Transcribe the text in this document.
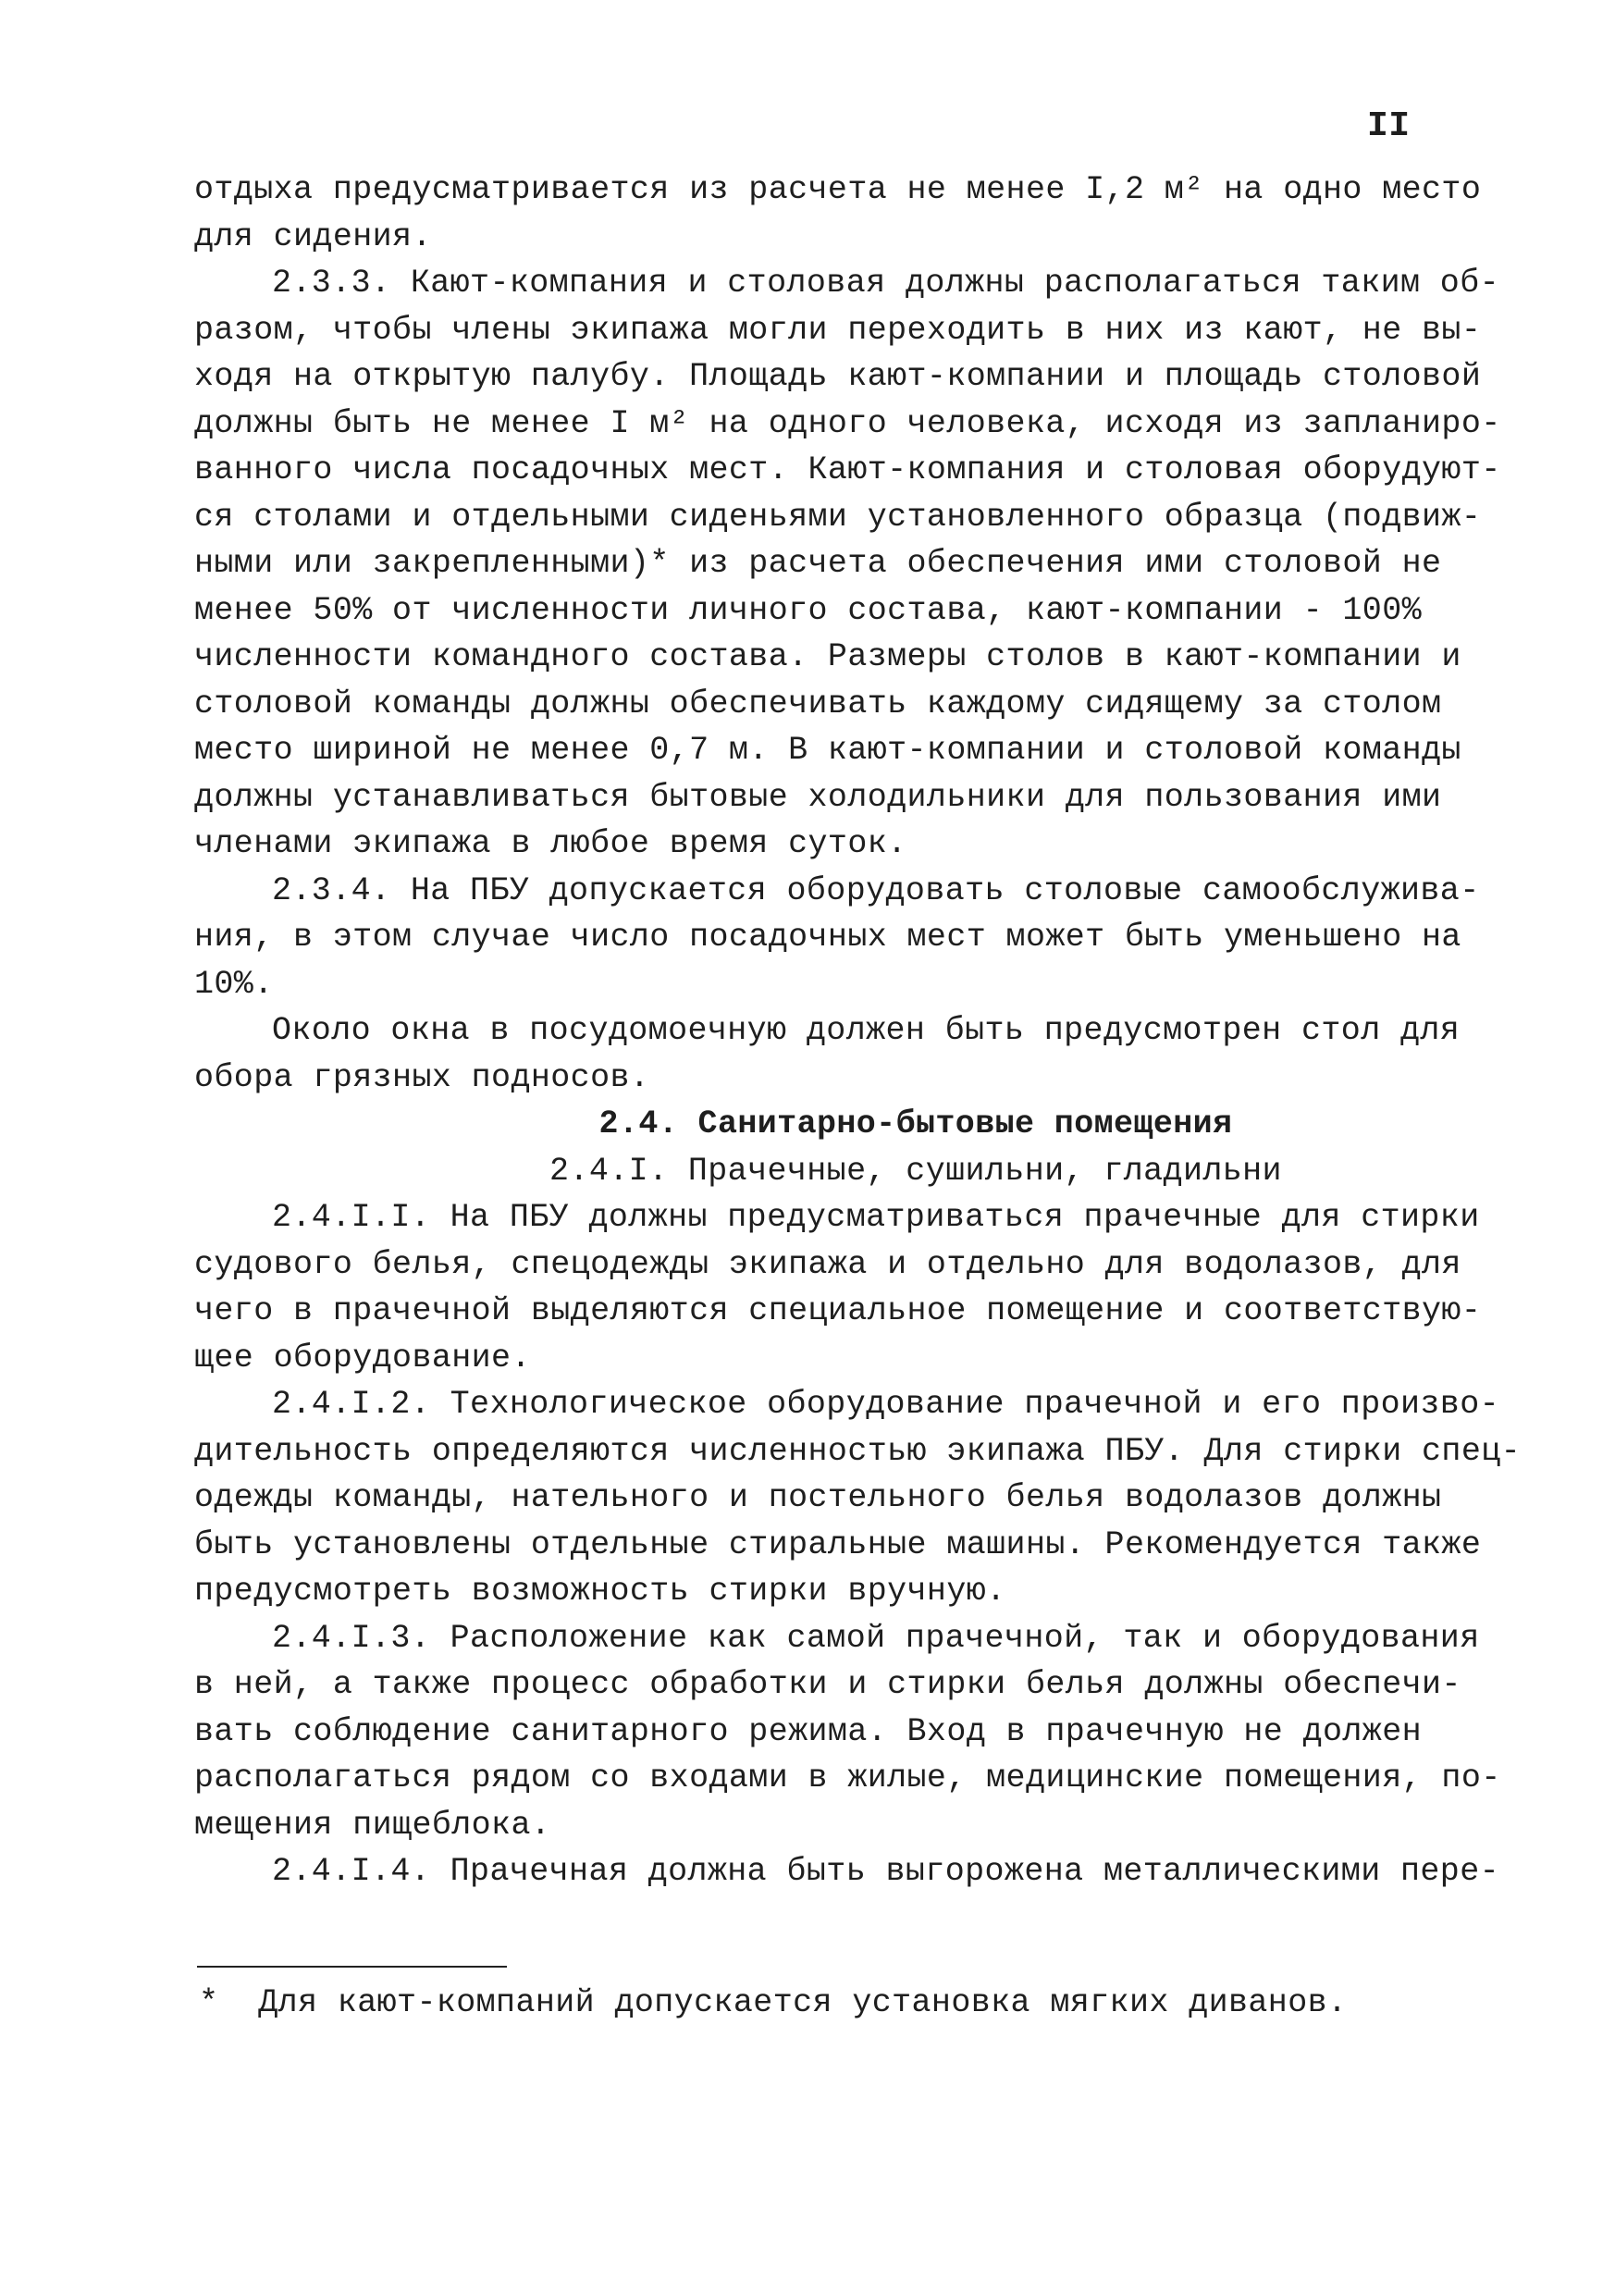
II
отдыха предусматривается из расчета не менее I,2 м² на одно место
для сидения.
2.3.3. Кают-компания и столовая должны располагаться таким об-
разом, чтобы члены экипажа могли переходить в них из кают, не вы-
ходя на открытую палубу. Площадь кают-компании и площадь столовой
должны быть не менее I м² на одного человека, исходя из запланиро-
ванного числа посадочных мест. Кают-компания и столовая оборудуют-
ся столами и отдельными сиденьями установленного образца (подвиж-
ными или закрепленными)* из расчета обеспечения ими столовой не
менее 50% от численности личного состава, кают-компании - 100%
численности командного состава. Размеры столов в кают-компании и
столовой команды должны обеспечивать каждому сидящему за столом
место шириной не менее 0,7 м. В кают-компании и столовой команды
должны устанавливаться бытовые холодильники для пользования ими
членами экипажа в любое время суток.
2.3.4. На ПБУ допускается оборудовать столовые самообслужива-
ния, в этом случае число посадочных мест может быть уменьшено на
10%.
Около окна в посудомоечную должен быть предусмотрен стол для
обора грязных подносов.
2.4. Санитарно-бытовые помещения
2.4.I. Прачечные, сушильни, гладильни
2.4.I.I. На ПБУ должны предусматриваться прачечные для стирки
судового белья, спецодежды экипажа и отдельно для водолазов, для
чего в прачечной выделяются специальное помещение и соответствую-
щее оборудование.
2.4.I.2. Технологическое оборудование прачечной и его произво-
дительность определяются численностью экипажа ПБУ. Для стирки спец-
одежды команды, нательного и постельного белья водолазов должны
быть установлены отдельные стиральные машины. Рекомендуется также
предусмотреть возможность стирки вручную.
2.4.I.3. Расположение как самой прачечной, так и оборудования
в ней, а также процесс обработки и стирки белья должны обеспечи-
вать соблюдение санитарного режима. Вход в прачечную не должен
располагаться рядом со входами в жилые, медицинские помещения, по-
мещения пищеблока.
2.4.I.4. Прачечная должна быть выгорожена металлическими пере-
*  Для кают-компаний допускается установка мягких диванов.
